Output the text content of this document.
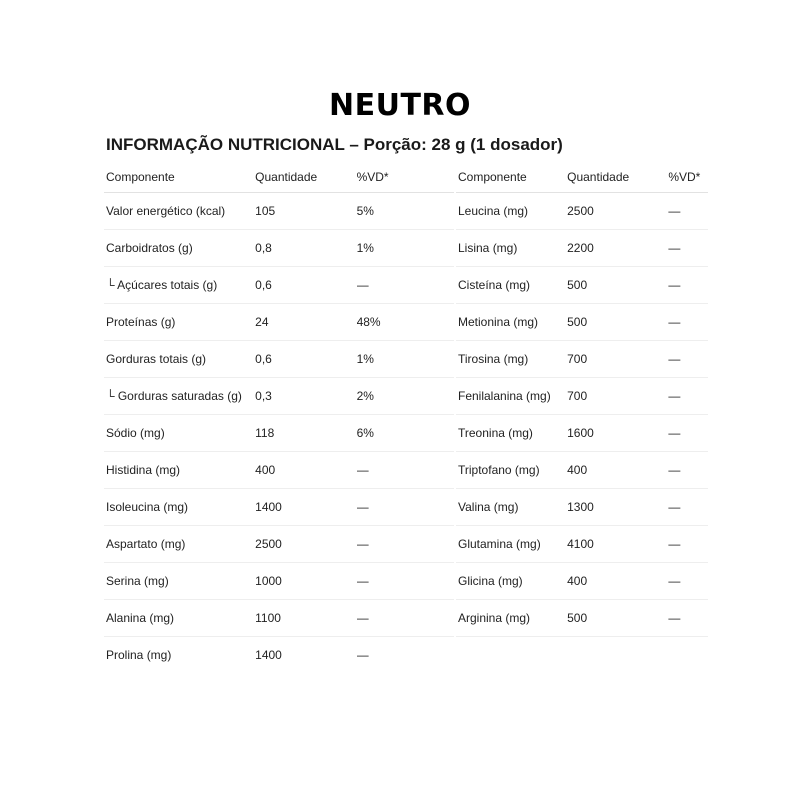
NEUTRO
INFORMAÇÃO NUTRICIONAL – Porção: 28 g (1 dosador)
Componente	Quantidade	%VD*
Valor energético (kcal)	105	5%
Carboidratos (g)	0,8	1%
└ Açúcares totais (g)	0,6	—
Proteínas (g)	24	48%
Gorduras totais (g)	0,6	1%
└ Gorduras saturadas (g)	0,3	2%
Sódio (mg)	118	6%
Histidina (mg)	400	—
Isoleucina (mg)	1400	—
Aspartato (mg)	2500	—
Serina (mg)	1000	—
Alanina (mg)	1100	—
Prolina (mg)	1400	—
Componente	Quantidade	%VD*
Leucina (mg)	2500	—
Lisina (mg)	2200	—
Cisteína (mg)	500	—
Metionina (mg)	500	—
Tirosina (mg)	700	—
Fenilalanina (mg)	700	—
Treonina (mg)	1600	—
Triptofano (mg)	400	—
Valina (mg)	1300	—
Glutamina (mg)	4100	—
Glicina (mg)	400	—
Arginina (mg)	500	—
